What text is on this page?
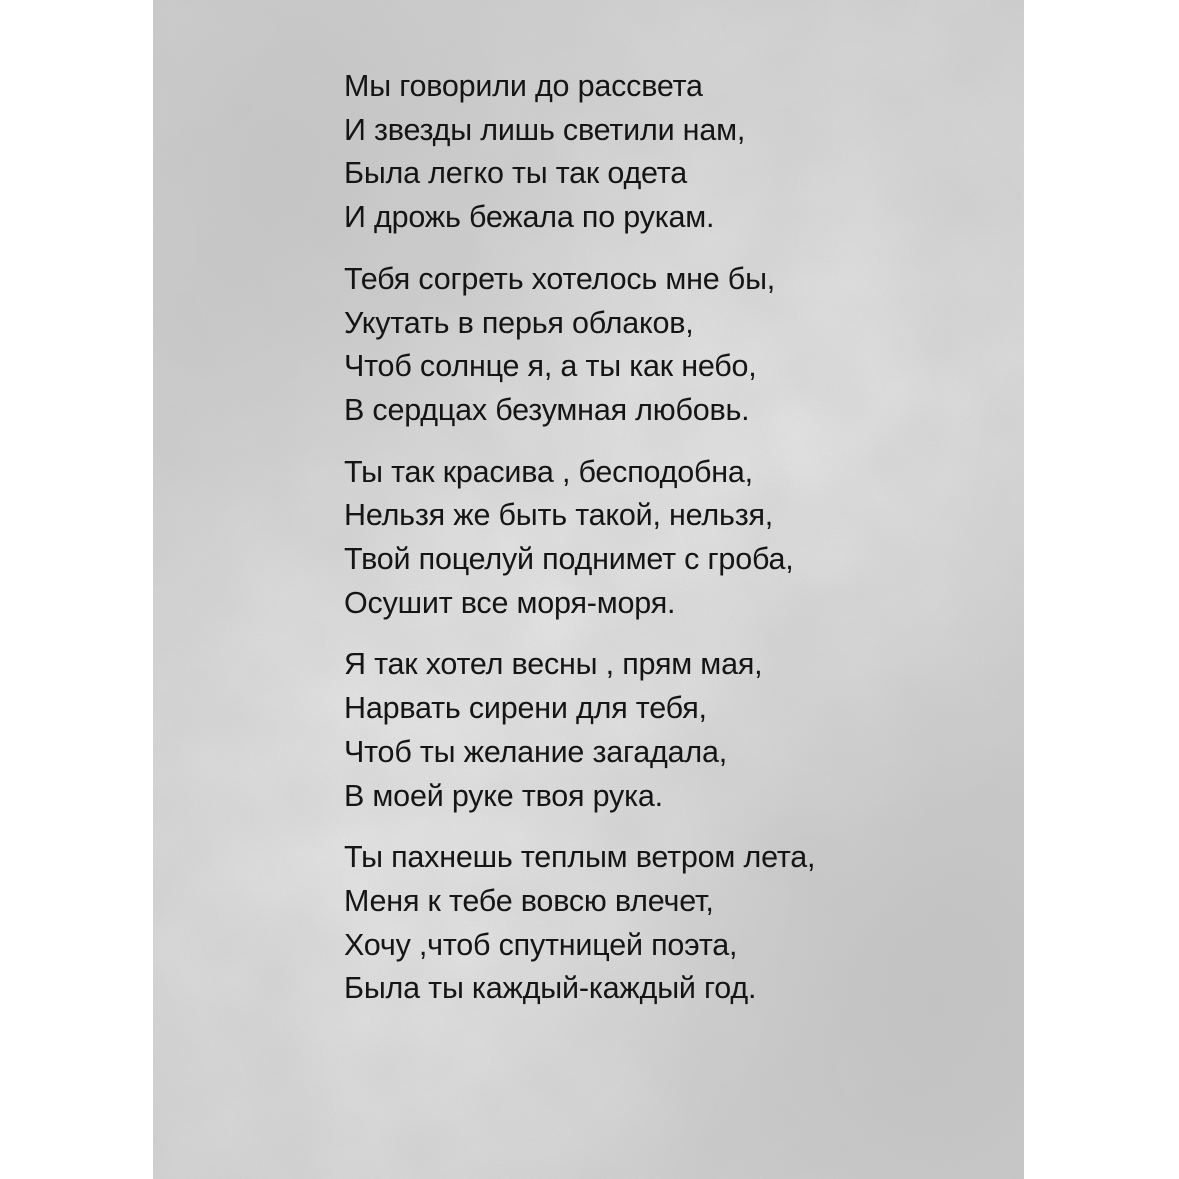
Мы говорили до рассвета
И звезды лишь светили нам,
Была легко ты так одета
И дрожь бежала по рукам.
Тебя согреть хотелось мне бы,
Укутать в перья облаков,
Чтоб солнце я, а ты как небо,
В сердцах безумная любовь.
Ты так красива , бесподобна,
Нельзя же быть такой, нельзя,
Твой поцелуй поднимет с гроба,
Осушит все моря-моря.
Я так хотел весны , прям мая,
Нарвать сирени для тебя,
Чтоб ты желание загадала,
В моей руке твоя рука.
Ты пахнешь теплым ветром лета,
Меня к тебе вовсю влечет,
Хочу ,чтоб спутницей поэта,
Была ты каждый-каждый год.
